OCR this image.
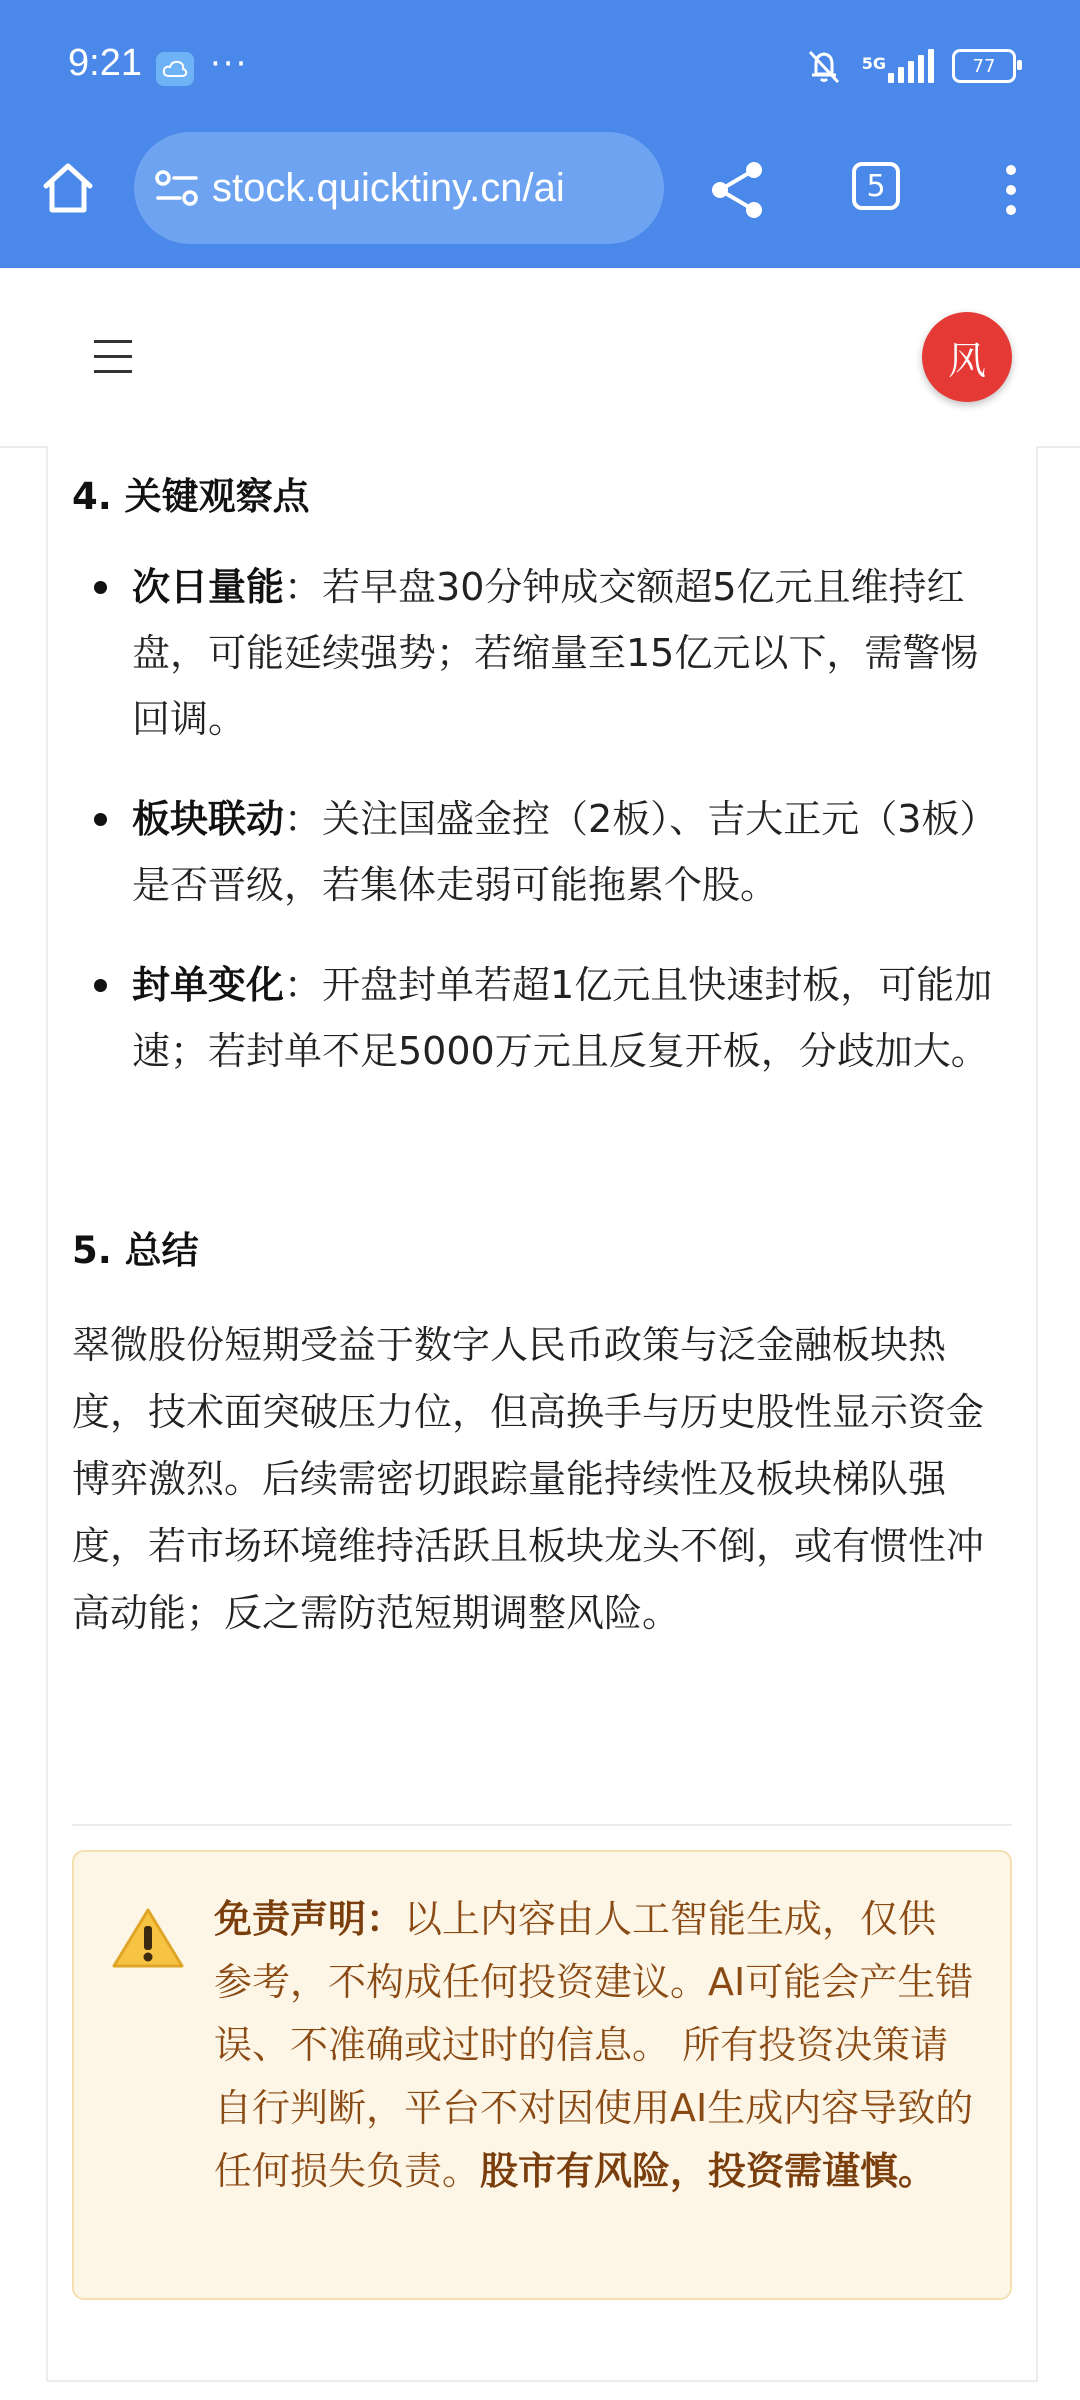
9:21 ···	5G	77
stock.quicktiny.cn/ai	5
风
4. 关键观察点
次日量能：若早盘30分钟成交额超5亿元且维持红盘，可能延续强势；若缩量至15亿元以下，需警惕回调。
板块联动：关注国盛金控（2板）、吉大正元（3板）是否晋级，若集体走弱可能拖累个股。
封单变化：开盘封单若超1亿元且快速封板，可能加速；若封单不足5000万元且反复开板，分歧加大。
5. 总结
翠微股份短期受益于数字人民币政策与泛金融板块热度，技术面突破压力位，但高换手与历史股性显示资金博弈激烈。后续需密切跟踪量能持续性及板块梯队强度，若市场环境维持活跃且板块龙头不倒，或有惯性冲高动能；反之需防范短期调整风险。
免责声明：以上内容由人工智能生成，仅供参考，不构成任何投资建议。AI可能会产生错误、不准确或过时的信息。 所有投资决策请自行判断，平台不对因使用AI生成内容导致的任何损失负责。股市有风险，投资需谨慎。
